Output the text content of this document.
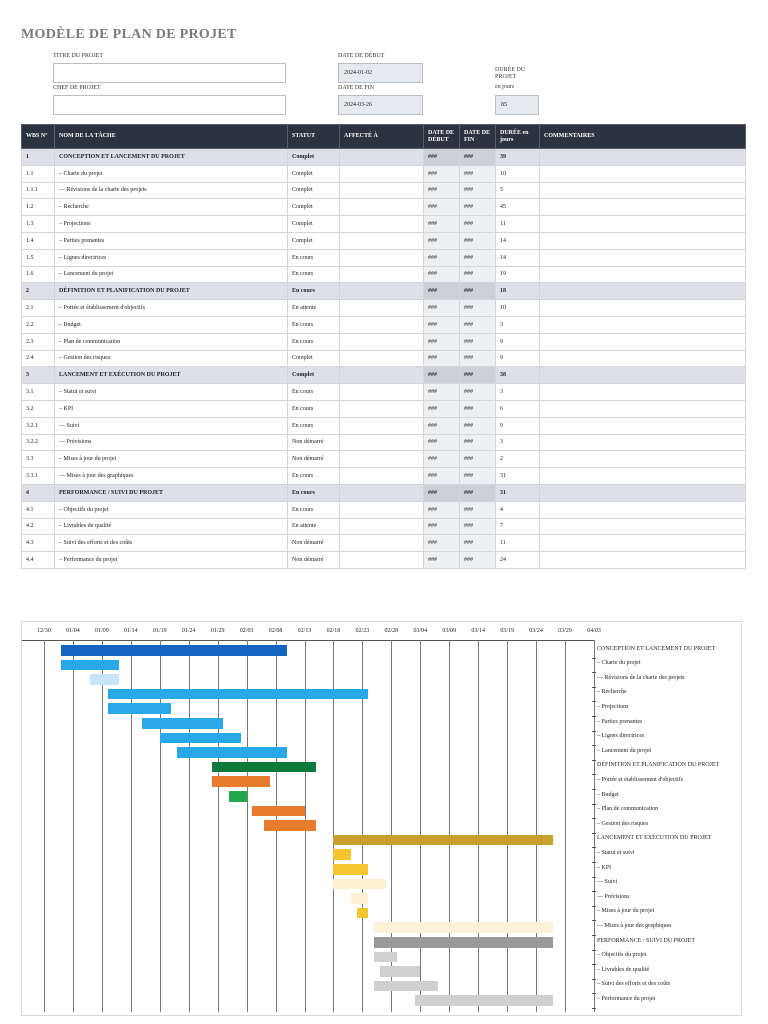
MODÈLE DE PLAN DE PROJET
TITRE DU PROJET
CHEF DE PROJET
DATE DE DÉBUT
2024-01-02
DATE DE FIN
2024-03-26
DURÉE DU PROJET
en jours
85
WBS N°	NOM DE LA TÂCHE	STATUT	AFFECTÉ À	DATE DE DÉBUT	DATE DE FIN	DURÉE en jours	COMMENTAIRES
1	CONCEPTION ET LANCEMENT DU PROJET	Complet		###	###	39	
1.1	– Charte du projet	Complet		###	###	10	
1.1.1	— Révisions de la charte des projets	Complet		###	###	5	
1.2	– Recherche	Complet		###	###	45	
1.3	– Projections	Complet		###	###	11	
1.4	– Parties prenantes	Complet		###	###	14	
1.5	– Lignes directrices	En cours		###	###	14	
1.6	– Lancement du projet	En cours		###	###	19	
2	DÉFINITION ET PLANIFICATION DU PROJET	En cours		###	###	18	
2.1	– Portée et établissement d'objectifs	En attente		###	###	10	
2.2	– Budget	En cours		###	###	3	
2.3	– Plan de communication	En cours		###	###	9	
2.4	– Gestion des risques	Complet		###	###	9	
3	LANCEMENT ET EXÉCUTION DU PROJET	Complet		###	###	38	
3.1	– Statut et suivi	En cours		###	###	3	
3.2	– KPI	En cours		###	###	6	
3.2.1	— Suivi	En cours		###	###	9	
3.2.2	— Prévisions	Non démarré		###	###	3	
3.3	– Mises à jour du projet	Non démarré		###	###	2	
3.3.1	— Mises à jour des graphiques	En cours		###	###	31	
4	PERFORMANCE / SUIVI DU PROJET	En cours		###	###	31	
4.1	– Objectifs du projet	En cours		###	###	4	
4.2	– Livrables de qualité	En attente		###	###	7	
4.3	– Suivi des efforts et des coûts	Non démarré		###	###	11	
4.4	– Performance du projet	Non démarré		###	###	24	
12/30	01/04	01/09	01/14	01/19	01/24	01/29	02/03	02/08	02/13	02/18	02/23	02/28	03/04	03/09	03/14	03/19	03/24	03/29	04/03
CONCEPTION ET LANCEMENT DU PROJET
– Charte du projet
— Révisions de la charte des projets
– Recherche
– Projections
– Parties prenantes
– Lignes directrices
– Lancement du projet
DÉFINITION ET PLANIFICATION DU PROJET
– Portée et établissement d'objectifs
– Budget
– Plan de communication
– Gestion des risques
LANCEMENT ET EXÉCUTION DU PROJET
– Statut et suivi
– KPI
— Suivi
— Prévisions
– Mises à jour du projet
— Mises à jour des graphiques
PERFORMANCE / SUIVI DU PROJET
– Objectifs du projet
– Livrables de qualité
– Suivi des efforts et des coûts
– Performance du projet
